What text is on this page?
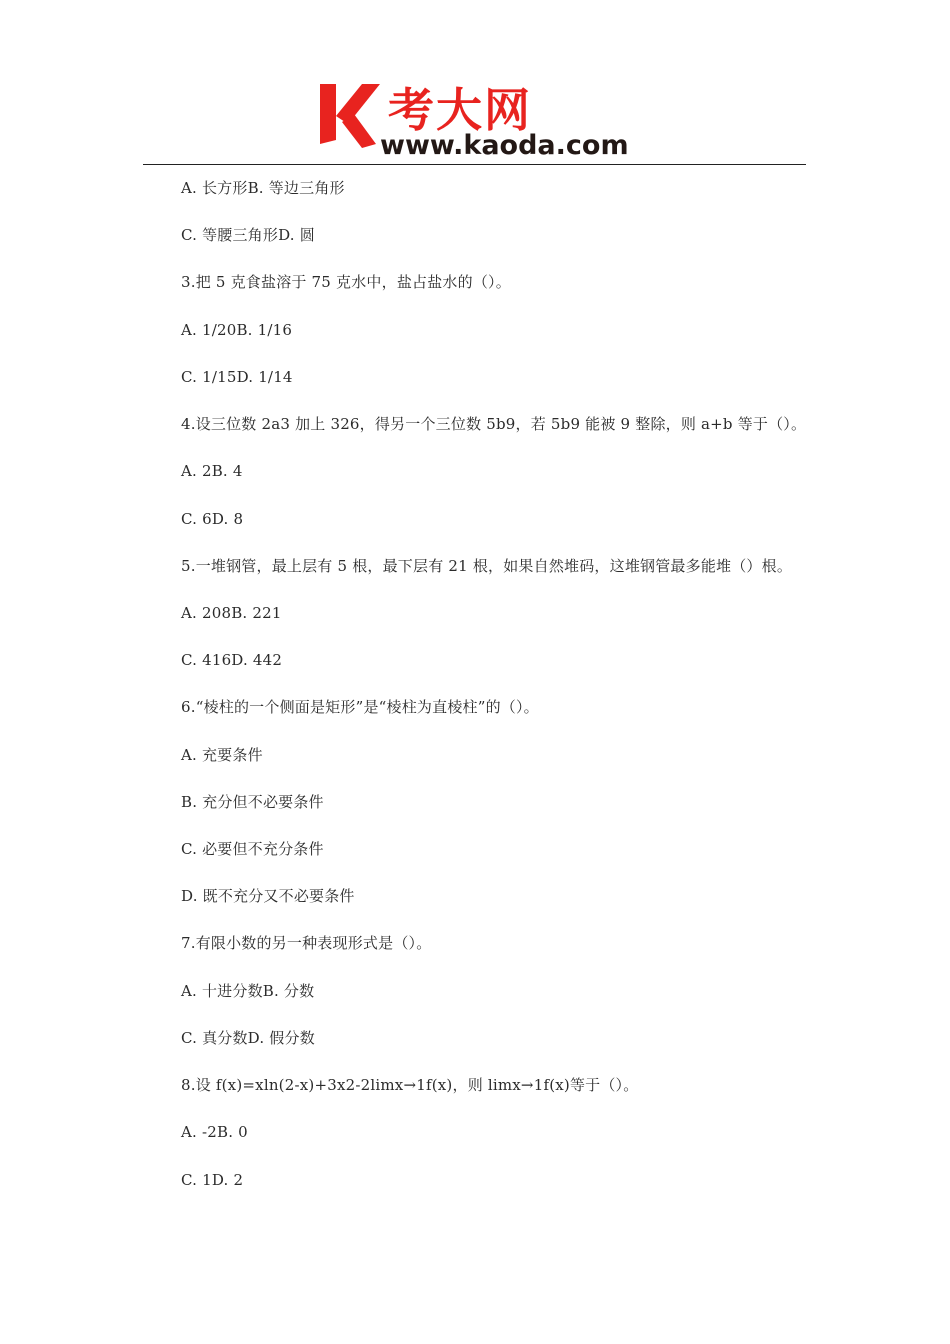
考大网
www.kaoda.com
A. 长方形B. 等边三角形
C. 等腰三角形D. 圆
3.把 5 克食盐溶于 75 克水中，盐占盐水的（）。
A. 1/20B. 1/16
C. 1/15D. 1/14
4.设三位数 2a3 加上 326，得另一个三位数 5b9，若 5b9 能被 9 整除，则 a+b 等于（）。
A. 2B. 4
C. 6D. 8
5.一堆钢管，最上层有 5 根，最下层有 21 根，如果自然堆码，这堆钢管最多能堆（）根。
A. 208B. 221
C. 416D. 442
6.“棱柱的一个侧面是矩形”是“棱柱为直棱柱”的（）。
A. 充要条件
B. 充分但不必要条件
C. 必要但不充分条件
D. 既不充分又不必要条件
7.有限小数的另一种表现形式是（）。
A. 十进分数B. 分数
C. 真分数D. 假分数
8.设 f(x)=xln(2-x)+3x2-2limx→1f(x)，则 limx→1f(x)等于（）。
A. -2B. 0
C. 1D. 2
